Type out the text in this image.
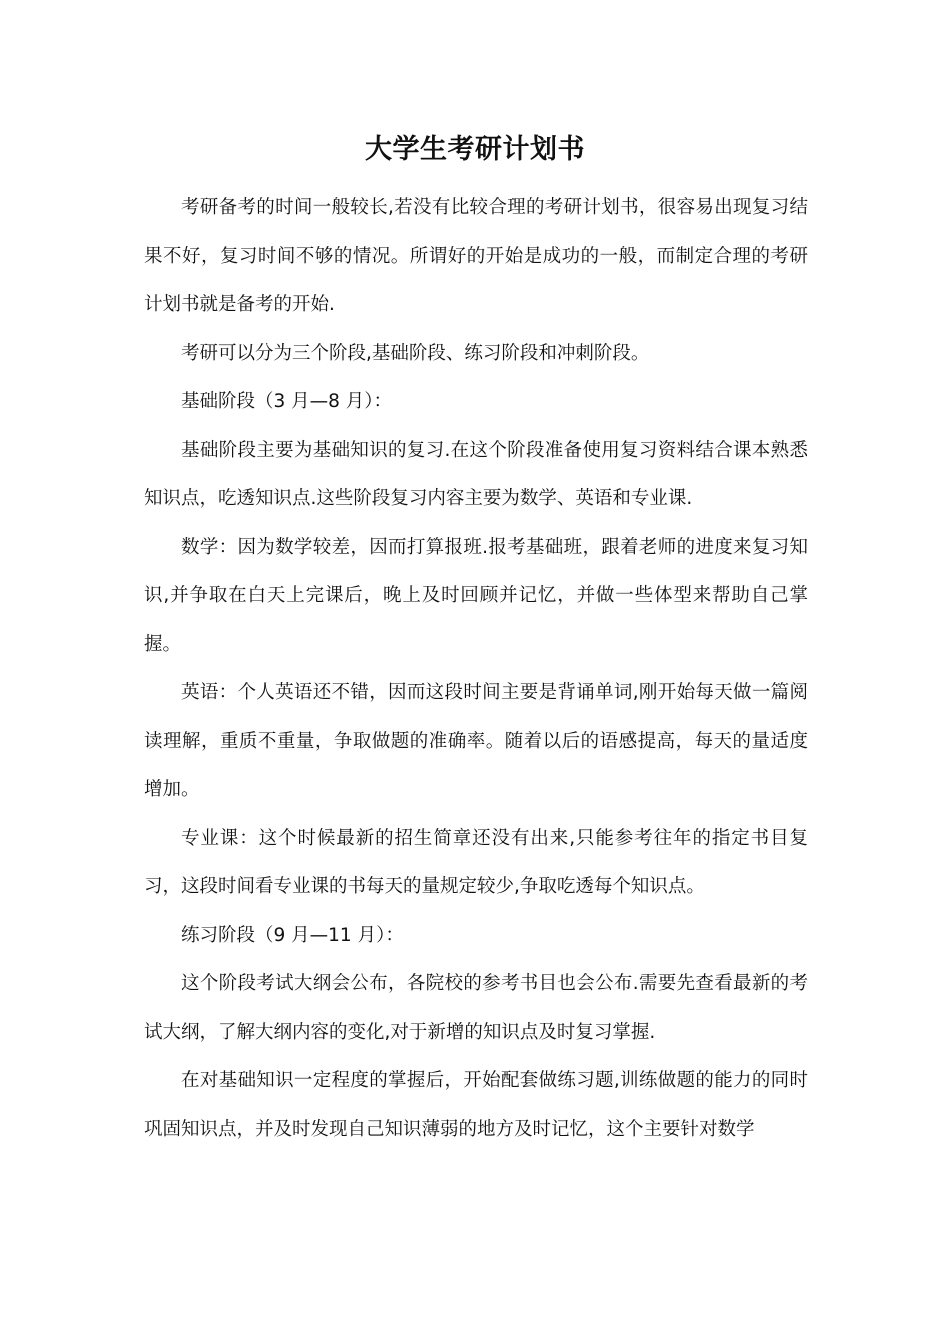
大学生考研计划书

考研备考的时间一般较长,若没有比较合理的考研计划书，很容易出现复习结果不好，复习时间不够的情况。所谓好的开始是成功的一般，而制定合理的考研计划书就是备考的开始.

考研可以分为三个阶段,基础阶段、练习阶段和冲刺阶段。

基础阶段（3 月—8 月）：

基础阶段主要为基础知识的复习.在这个阶段准备使用复习资料结合课本熟悉知识点，吃透知识点.这些阶段复习内容主要为数学、英语和专业课.

数学：因为数学较差，因而打算报班.报考基础班，跟着老师的进度来复习知识,并争取在白天上完课后，晚上及时回顾并记忆，并做一些体型来帮助自己掌握。

英语：个人英语还不错，因而这段时间主要是背诵单词,刚开始每天做一篇阅读理解，重质不重量，争取做题的准确率。随着以后的语感提高，每天的量适度增加。

专业课：这个时候最新的招生简章还没有出来,只能参考往年的指定书目复习，这段时间看专业课的书每天的量规定较少,争取吃透每个知识点。

练习阶段（9 月—11 月）：

这个阶段考试大纲会公布，各院校的参考书目也会公布.需要先查看最新的考试大纲，了解大纲内容的变化,对于新增的知识点及时复习掌握.

在对基础知识一定程度的掌握后，开始配套做练习题,训练做题的能力的同时巩固知识点，并及时发现自己知识薄弱的地方及时记忆，这个主要针对数学
